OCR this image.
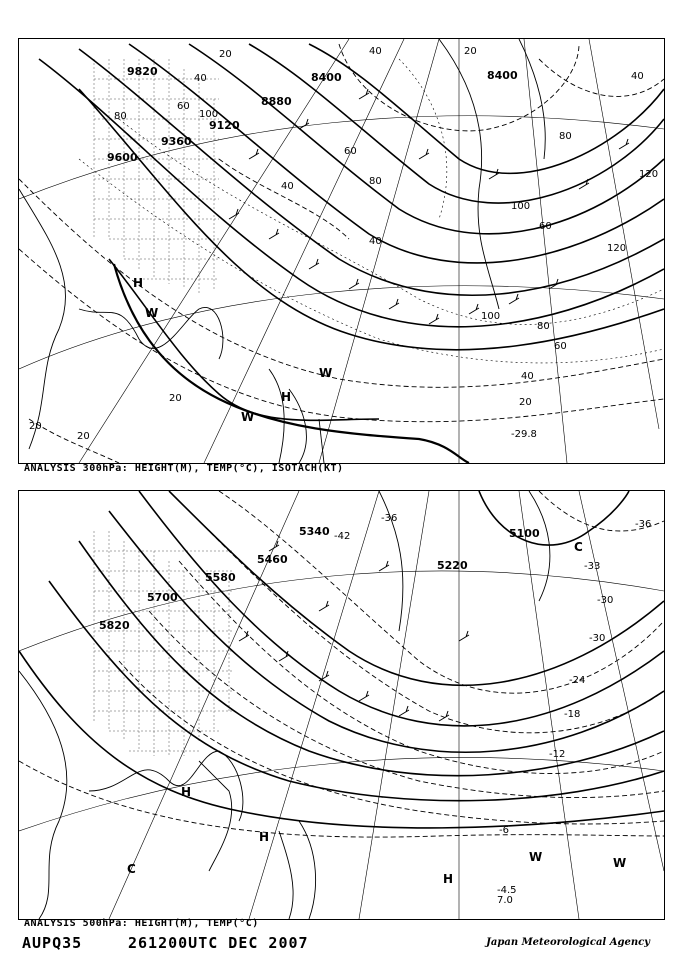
8400	8400
8880
9120
9360
9600
9820
20
40
60
80	100
120
40
60
80
100
120
20
40
60
80
100
20
40
20
20
20
40
40
60
80
H
W
H
W
W
-29.8
ANALYSIS 300hPa: HEIGHT(M), TEMP(°C), ISOTACH(KT)
5340
5460
5580
5700
5820
5100
5220
-36
-33
-30
-24
-18
-12
-6
-36
-42
-30
C
H
C
H
H
W	W
-4.5
7.0
ANALYSIS 500hPa: HEIGHT(M), TEMP(°C)
AUPQ35	261200UTC DEC 2007	Japan Meteorological Agency
